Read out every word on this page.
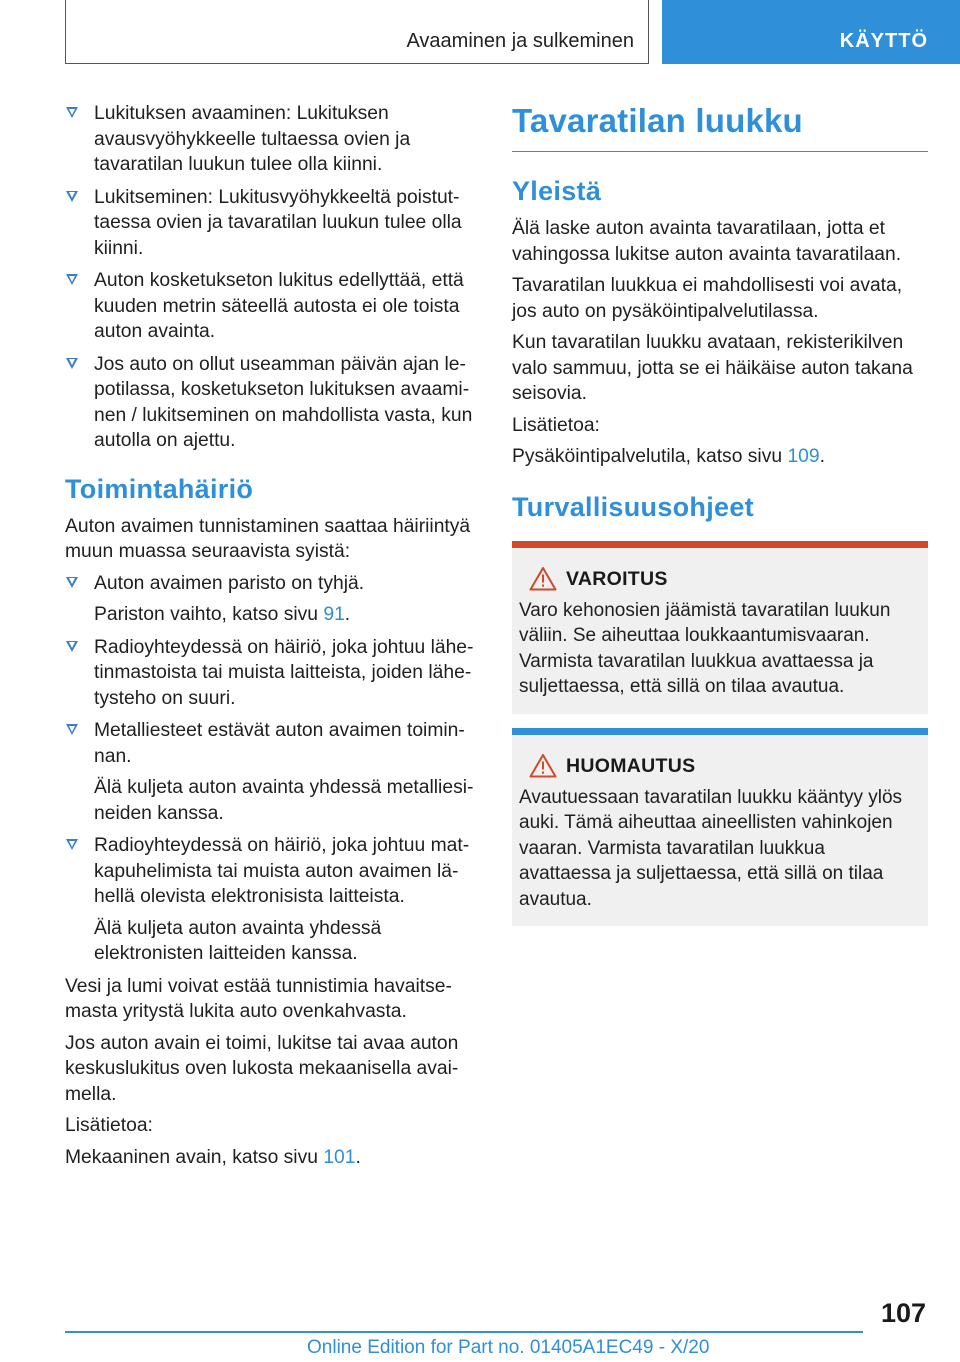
Avaaminen ja sulkeminen	KÄYTTÖ
Lukituksen avaaminen: Lukituksen avausvyöhykkeelle tultaessa ovien ja tavaratilan luukun tulee olla kiinni.
Lukitseminen: Lukitusvyöhykkeeltä poistuttaessa ovien ja tavaratilan luukun tulee olla kiinni.
Auton kosketukseton lukitus edellyttää, että kuuden metrin säteellä autosta ei ole toista auton avainta.
Jos auto on ollut useamman päivän ajan lepotilassa, kosketukseton lukituksen avaaminen / lukitseminen on mahdollista vasta, kun autolla on ajettu.
Toimintahäiriö

Auton avaimen tunnistaminen saattaa häiriintyä muun muassa seuraavista syistä:

Auton avaimen paristo on tyhjä.
Pariston vaihto, katso sivu 91.
Radioyhteydessä on häiriö, joka johtuu lähetinmastoista tai muista laitteista, joiden lähetysteho on suuri.
Metalliesteet estävät auton avaimen toiminnan.
Älä kuljeta auton avainta yhdessä metalliesineiden kanssa.
Radioyhteydessä on häiriö, joka johtuu matkapuhelimista tai muista auton avaimen lähellä olevista elektronisista laitteista.
Älä kuljeta auton avainta yhdessä elektronisten laitteiden kanssa.

Vesi ja lumi voivat estää tunnistimia havaitsemasta yritystä lukita auto ovenkahvasta.

Jos auton avain ei toimi, lukitse tai avaa auton keskuslukitus oven lukosta mekaanisella avaimella.

Lisätietoa:

Mekaaninen avain, katso sivu 101.

Tavaratilan luukku
Yleistä

Älä laske auton avainta tavaratilaan, jotta et vahingossa lukitse auton avainta tavaratilaan.

Tavaratilan luukkua ei mahdollisesti voi avata, jos auto on pysäköintipalvelutilassa.

Kun tavaratilan luukku avataan, rekisterikilven valo sammuu, jotta se ei häikäise auton takana seisovia.

Lisätietoa:

Pysäköintipalvelutila, katso sivu 109.

Turvallisuusohjeet
VAROITUS

Varo kehonosien jäämistä tavaratilan luukun väliin. Se aiheuttaa loukkaantumisvaaran. Varmista tavaratilan luukkua avattaessa ja suljettaessa, että sillä on tilaa avautua.

HUOMAUTUS

Avautuessaan tavaratilan luukku kääntyy ylös auki. Tämä aiheuttaa aineellisten vahinkojen vaaran. Varmista tavaratilan luukkua avattaessa ja suljettaessa, että sillä on tilaa avautua.

107
Online Edition for Part no. 01405A1EC49 - X/20
